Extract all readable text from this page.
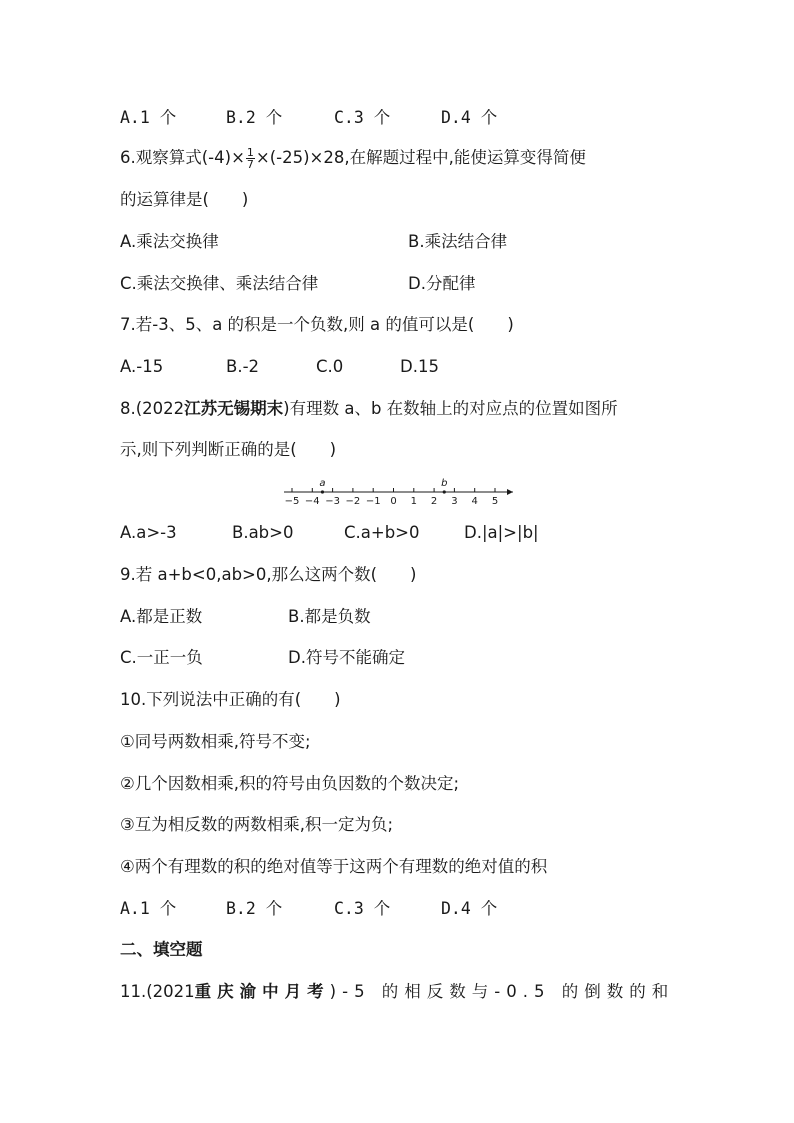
A.1 个	B.2 个	C.3 个	D.4 个
6.观察算式$(-4)\times \frac{1}{7} \times(-25)\times 28$,在解题过程中,能使运算变得简便
的运算律是(　　)
A.乘法交换律	B.乘法结合律
C.乘法交换律、乘法结合律	D.分配律
7.若-3、5、a 的积是一个负数,则 a 的值可以是(　　)
A.-15	B.-2	C.0	D.15
8.(2022江苏无锡期末)有理数 a、b 在数轴上的对应点的位置如图所
示,则下列判断正确的是(　　)
−5 −4 −3 −2 −1 0 1 2 3 4 5
a	b
A.a>-3	B.ab>0	C.a+b>0	D.|a|>|b|
9.若 a+b<0,ab>0,那么这两个数(　　)
A.都是正数	B.都是负数
C.一正一负	D.符号不能确定
10.下列说法中正确的有(　　)
①同号两数相乘,符号不变;
②几个因数相乘,积的符号由负因数的个数决定;
③互为相反数的两数相乘,积一定为负;
④两个有理数的积的绝对值等于这两个有理数的绝对值的积
A.1 个	B.2 个	C.3 个	D.4 个
二、填空题
11.(2021重庆渝中月考)-5 的相反数与-0.5 的倒数的和
